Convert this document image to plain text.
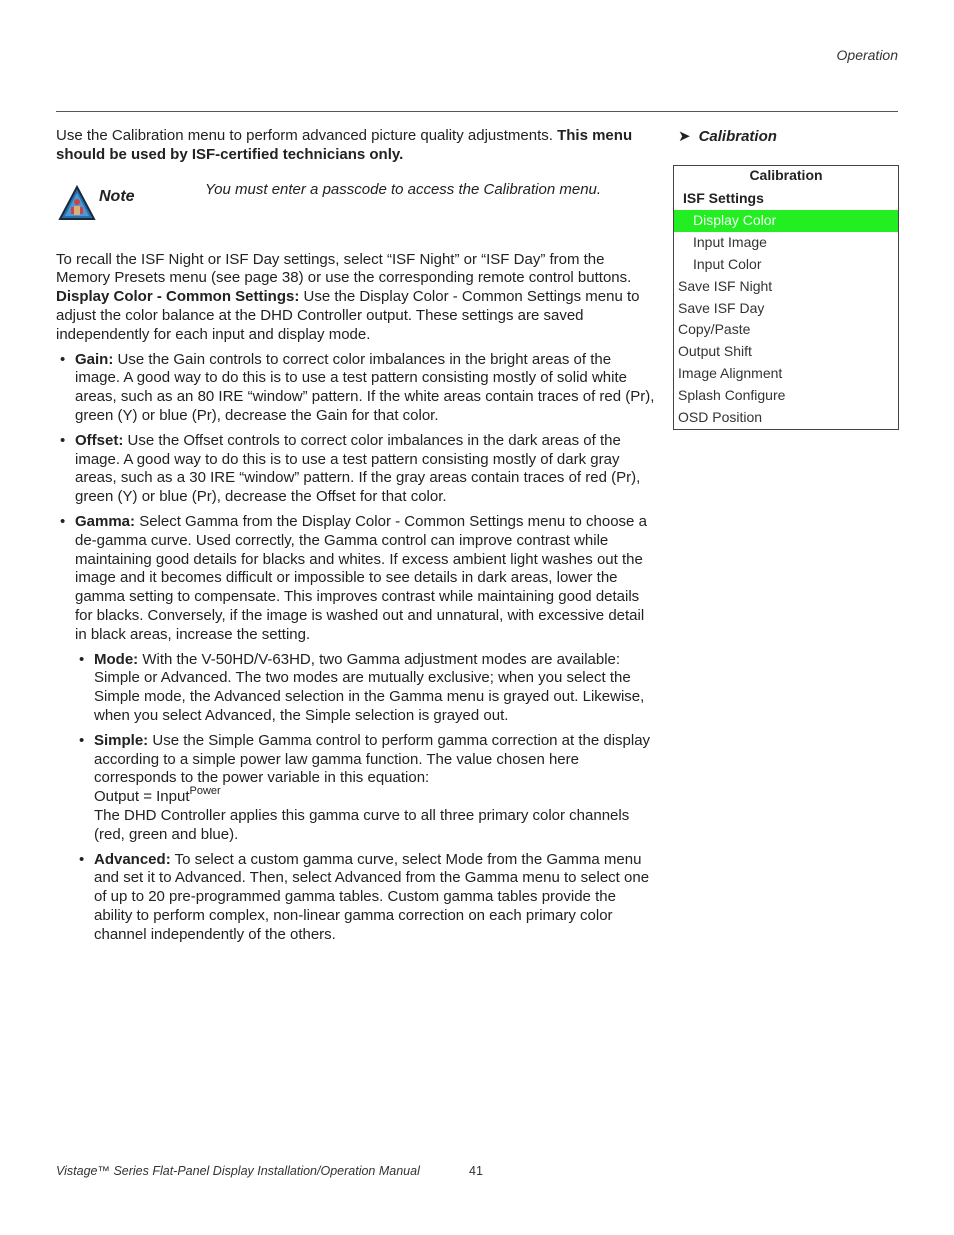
Operation

Use the Calibration menu to perform advanced picture quality adjustments. This menu should be used by ISF-certified technicians only.

Note	You must enter a passcode to access the Calibration menu.

To recall the ISF Night or ISF Day settings, select “ISF Night” or “ISF Day” from the Memory Presets menu (see page 38) or use the corresponding remote control buttons.

Display Color - Common Settings: Use the Display Color - Common Settings menu to adjust the color balance at the DHD Controller output. These settings are saved independently for each input and display mode.

• Gain: Use the Gain controls to correct color imbalances in the bright areas of the image. A good way to do this is to use a test pattern consisting mostly of solid white areas, such as an 80 IRE “window” pattern. If the white areas contain traces of red (Pr), green (Y) or blue (Pr), decrease the Gain for that color.
• Offset: Use the Offset controls to correct color imbalances in the dark areas of the image. A good way to do this is to use a test pattern consisting mostly of dark gray areas, such as a 30 IRE “window” pattern. If the gray areas contain traces of red (Pr), green (Y) or blue (Pr), decrease the Offset for that color.
• Gamma: Select Gamma from the Display Color - Common Settings menu to choose a de-gamma curve. Used correctly, the Gamma control can improve contrast while maintaining good details for blacks and whites. If excess ambient light washes out the image and it becomes difficult or impossible to see details in dark areas, lower the gamma setting to compensate. This improves contrast while maintaining good details for blacks. Conversely, if the image is washed out and unnatural, with excessive detail in black areas, increase the setting.
• Mode: With the V-50HD/V-63HD, two Gamma adjustment modes are available: Simple or Advanced. The two modes are mutually exclusive; when you select the Simple mode, the Advanced selection in the Gamma menu is grayed out. Likewise, when you select Advanced, the Simple selection is grayed out.
• Simple: Use the Simple Gamma control to perform gamma correction at the display according to a simple power law gamma function. The value chosen here corresponds to the power variable in this equation:

Output = Input$^{Power}$

The DHD Controller applies this gamma curve to all three primary color channels (red, green and blue).

• Advanced: To select a custom gamma curve, select Mode from the Gamma menu and set it to Advanced. Then, select Advanced from the Gamma menu to select one of up to 20 pre-programmed gamma tables. Custom gamma tables provide the ability to perform complex, non-linear gamma correction on each primary color channel independently of the others.
➤ Calibration
Calibration
ISF Settings
Display Color
Input Image
Input Color
Save ISF Night
Save ISF Day
Copy/Paste
Output Shift
Image Alignment
Splash Configure
OSD Position
Vistage™ Series Flat-Panel Display Installation/Operation Manual	41
